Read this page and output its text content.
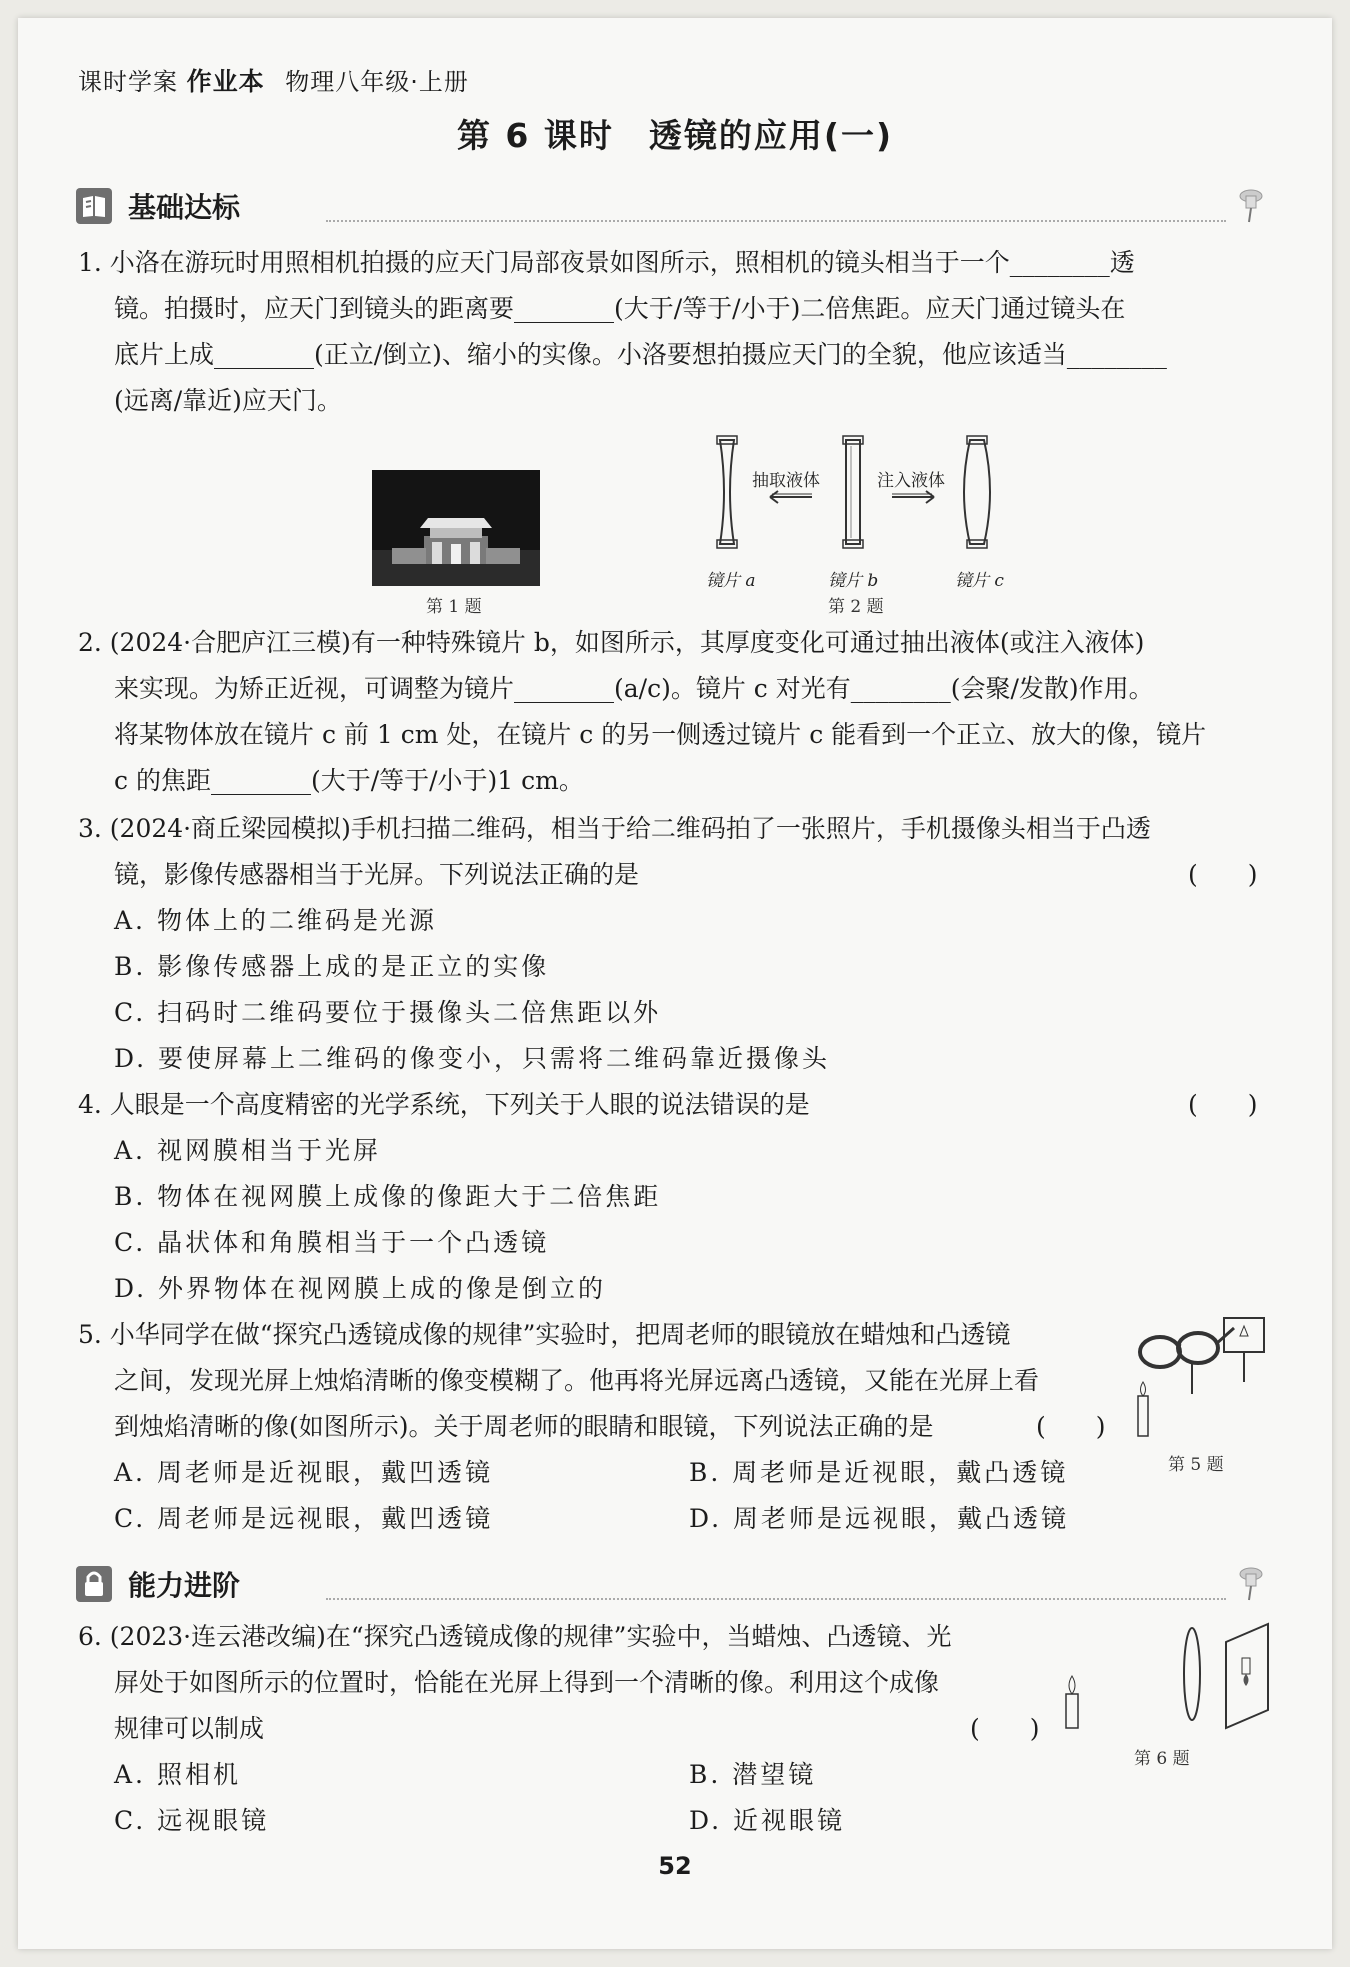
课时学案 作业本 物理八年级·上册
第 6 课时　透镜的应用(一)
基础达标
1. 小洛在游玩时用照相机拍摄的应天门局部夜景如图所示，照相机的镜头相当于一个________透
镜。拍摄时，应天门到镜头的距离要________(大于/等于/小于)二倍焦距。应天门通过镜头在
底片上成________(正立/倒立)、缩小的实像。小洛要想拍摄应天门的全貌，他应该适当________
(远离/靠近)应天门。
第 1 题
抽取液体	注入液体
镜片 a	镜片 b	镜片 c
第 2 题
2. (2024·合肥庐江三模)有一种特殊镜片 b，如图所示，其厚度变化可通过抽出液体(或注入液体)
来实现。为矫正近视，可调整为镜片________(a/c)。镜片 c 对光有________(会聚/发散)作用。
将某物体放在镜片 c 前 1 cm 处，在镜片 c 的另一侧透过镜片 c 能看到一个正立、放大的像，镜片
c 的焦距________(大于/等于/小于)1 cm。
3. (2024·商丘梁园模拟)手机扫描二维码，相当于给二维码拍了一张照片，手机摄像头相当于凸透
镜，影像传感器相当于光屏。下列说法正确的是
A. 物体上的二维码是光源
B. 影像传感器上成的是正立的实像
C. 扫码时二维码要位于摄像头二倍焦距以外
D. 要使屏幕上二维码的像变小，只需将二维码靠近摄像头
(　　)
4. 人眼是一个高度精密的光学系统，下列关于人眼的说法错误的是
A. 视网膜相当于光屏
B. 物体在视网膜上成像的像距大于二倍焦距
C. 晶状体和角膜相当于一个凸透镜
D. 外界物体在视网膜上成的像是倒立的
(　　)
5. 小华同学在做“探究凸透镜成像的规律”实验时，把周老师的眼镜放在蜡烛和凸透镜
之间，发现光屏上烛焰清晰的像变模糊了。他再将光屏远离凸透镜，又能在光屏上看
到烛焰清晰的像(如图所示)。关于周老师的眼睛和眼镜，下列说法正确的是	(　　)
A. 周老师是近视眼，戴凹透镜	B. 周老师是近视眼，戴凸透镜
C. 周老师是远视眼，戴凹透镜	D. 周老师是远视眼，戴凸透镜
第 5 题
能力进阶
6. (2023·连云港改编)在“探究凸透镜成像的规律”实验中，当蜡烛、凸透镜、光
屏处于如图所示的位置时，恰能在光屏上得到一个清晰的像。利用这个成像
规律可以制成	(　　)
A. 照相机	B. 潜望镜
C. 远视眼镜	D. 近视眼镜
第 6 题
52
